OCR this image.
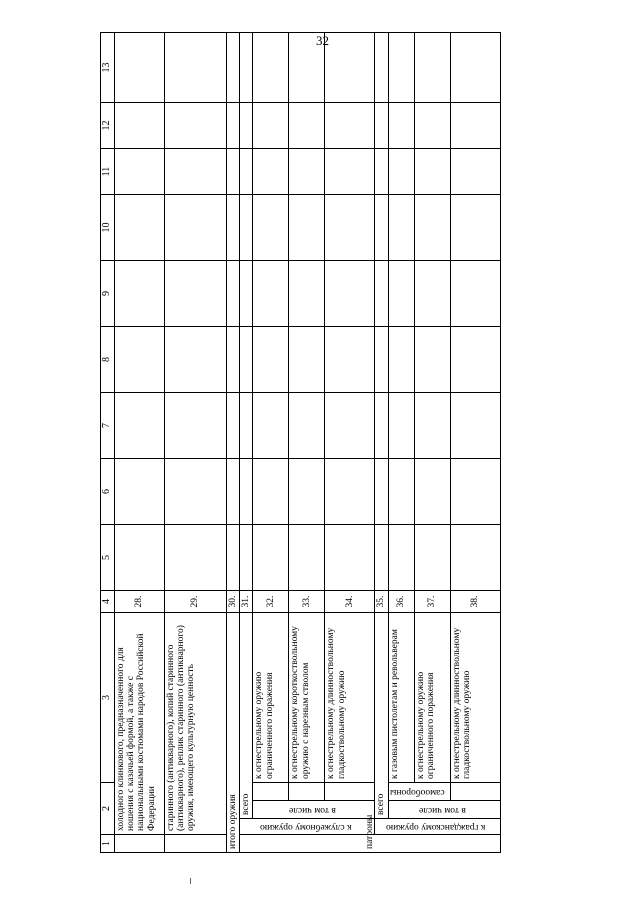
32
1	2			3	4	5	6	7	8	9	10	11	12	13
	холодного клинкового, предназначенного для ношения с казачьей формой, а также с национальными костюмами народов Российской Федерации				28.									
	старинного (антикварного), копий старинного (антикварного), реплик старинного (антикварного) оружия, имеющего культурную ценность				29.									
итого оружия					30.									
патроны	к служебному оружию	всего			31.									
		в том числе		к огнестрельному оружию ограниченного поражения	32.									
				к огнестрельному короткоствольному оружию с нарезным стволом	33.									
				к огнестрельному длинноствольному гладкоствольному оружию	34.									
	к гражданскому оружию	всего			35.									
		в том числе	самообороны	к газовым пистолетам и револьверам	36.									
				к огнестрельному оружию ограниченного поражения	37.									
				к огнестрельному длинноствольному гладкоствольному оружию	38.									
